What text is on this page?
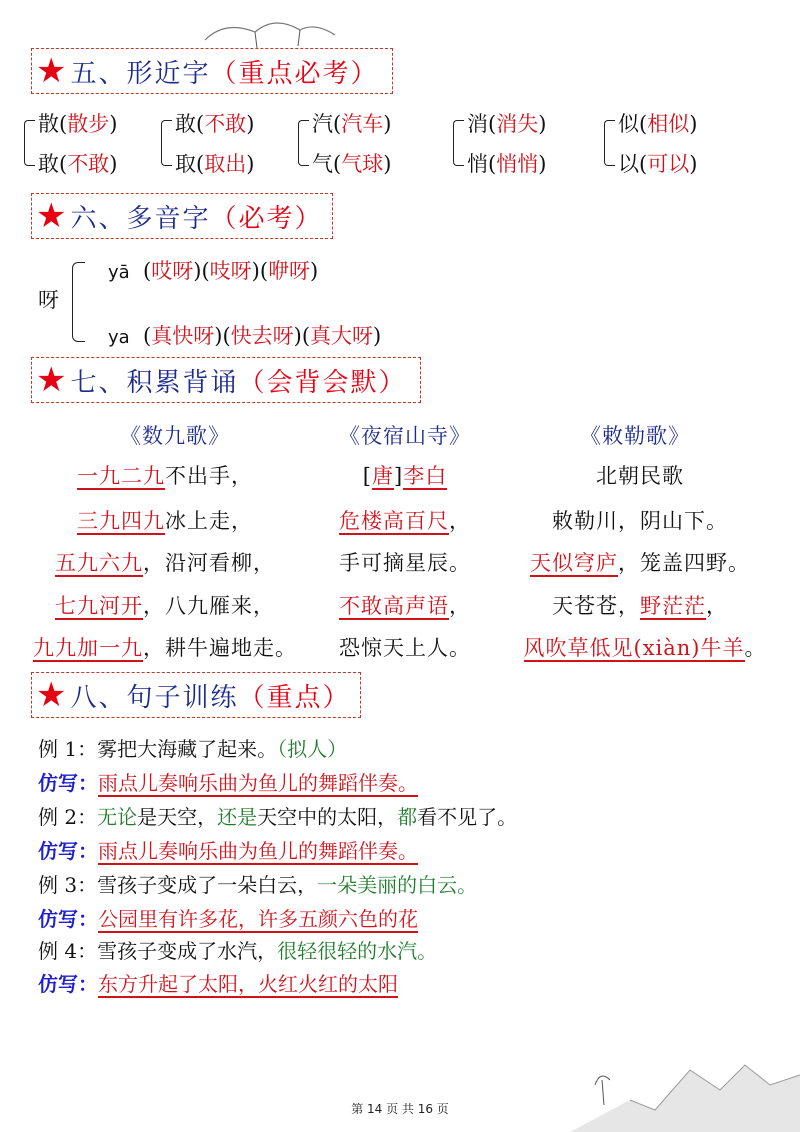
★ 五、形近字 （重点必考）
散(散步)
敢(不敢)
敢(不敢)
取(取出)
汽(汽车)
气(气球)
消(消失)
悄(悄悄)
似(相似)
以(可以)
★ 六、多音字 （必考）
呀
yā  (哎呀)(吱呀)(咿呀)
ya  (真快呀)(快去呀)(真大呀)
★ 七、积累背诵 （会背会默）
《数九歌》	《夜宿山寺》	《敕勒歌》
一九二九不出手，
三九四九冰上走，
五九六九，沿河看柳，
七九河开，八九雁来，
九九加一九，耕牛遍地走。
[唐]李白
危楼高百尺，
手可摘星辰。
不敢高声语，
恐惊天上人。
北朝民歌
敕勒川，阴山下。
天似穹庐，笼盖四野。
天苍苍，野茫茫，
风吹草低见(xiàn)牛羊。
★ 八、句子训练 （重点）
例 1：雾把大海藏了起来。（拟人）
仿写：雨点儿奏响乐曲为鱼儿的舞蹈伴奏。
例 2：无论是天空，还是天空中的太阳，都看不见了。
仿写：雨点儿奏响乐曲为鱼儿的舞蹈伴奏。
例 3：雪孩子变成了一朵白云，一朵美丽的白云。
仿写：公园里有许多花，许多五颜六色的花
例 4：雪孩子变成了水汽，很轻很轻的水汽。
仿写：东方升起了太阳，火红火红的太阳
第 14 页 共 16 页
